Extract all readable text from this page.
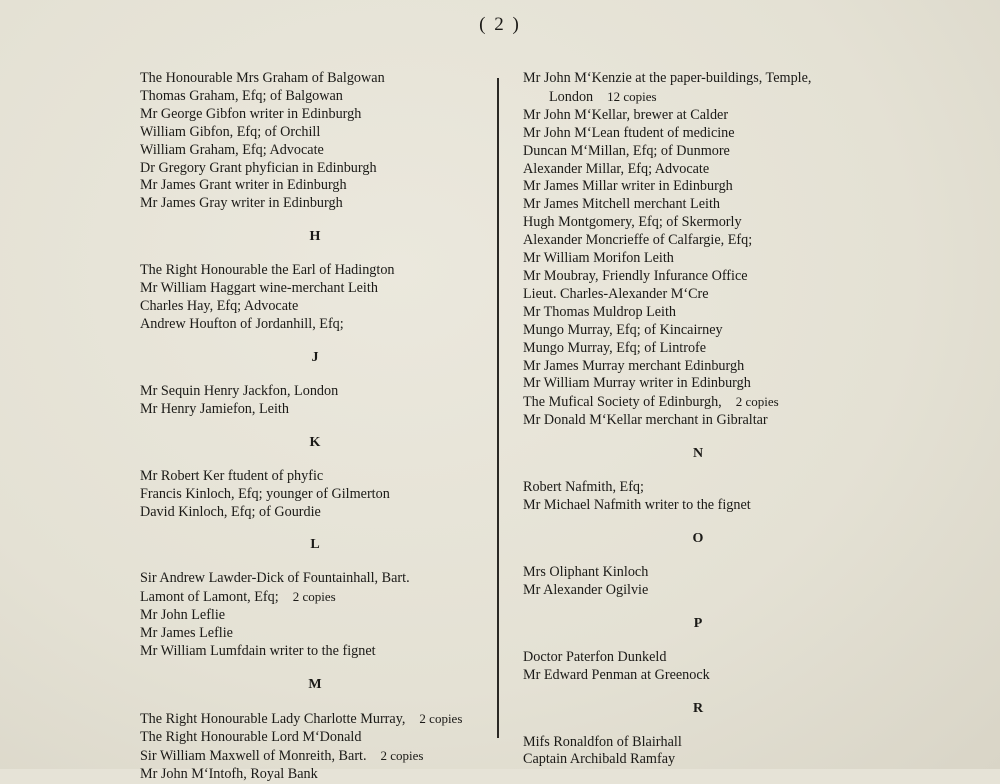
( 2 )
The Honourable Mrs Graham of Balgowan
Thomas Graham, Efq; of Balgowan
Mr George Gibfon writer in Edinburgh
William Gibfon, Efq; of Orchill
William Graham, Efq; Advocate
Dr Gregory Grant phyfician in Edinburgh
Mr James Grant writer in Edinburgh
Mr James Gray writer in Edinburgh
H
The Right Honourable the Earl of Hadington
Mr William Haggart wine-merchant Leith
Charles Hay, Efq; Advocate
Andrew Houfton of Jordanhill, Efq;
J
Mr Sequin Henry Jackfon, London
Mr Henry Jamiefon, Leith
K
Mr Robert Ker ftudent of phyfic
Francis Kinloch, Efq; younger of Gilmerton
David Kinloch, Efq; of Gourdie
L
Sir Andrew Lawder-Dick of Fountainhall, Bart.
Lamont of Lamont, Efq; 2 copies
Mr John Leflie
Mr James Leflie
Mr William Lumfdain writer to the fignet
M
The Right Honourable Lady Charlotte Murray, 2 copies
The Right Honourable Lord M‘Donald
Sir William Maxwell of Monreith, Bart. 2 copies
Mr John M‘Intofh, Royal Bank
Mr John M‘Kenzie at the paper-buildings, Temple,
London 12 copies
Mr John M‘Kellar, brewer at Calder
Mr John M‘Lean ftudent of medicine
Duncan M‘Millan, Efq; of Dunmore
Alexander Millar, Efq; Advocate
Mr James Millar writer in Edinburgh
Mr James Mitchell merchant Leith
Hugh Montgomery, Efq; of Skermorly
Alexander Moncrieffe of Calfargie, Efq;
Mr William Morifon Leith
Mr Moubray, Friendly Infurance Office
Lieut. Charles-Alexander M‘Cre
Mr Thomas Muldrop Leith
Mungo Murray, Efq; of Kincairney
Mungo Murray, Efq; of Lintrofe
Mr James Murray merchant Edinburgh
Mr William Murray writer in Edinburgh
The Mufical Society of Edinburgh, 2 copies
Mr Donald M‘Kellar merchant in Gibraltar
N
Robert Nafmith, Efq;
Mr Michael Nafmith writer to the fignet
O
Mrs Oliphant Kinloch
Mr Alexander Ogilvie
P
Doctor Paterfon Dunkeld
Mr Edward Penman at Greenock
R
Mifs Ronaldfon of Blairhall
Captain Archibald Ramfay
